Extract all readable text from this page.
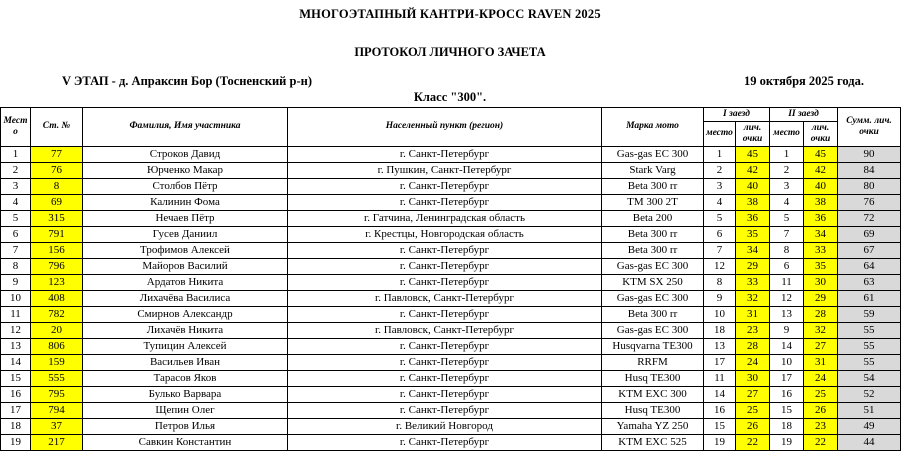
МНОГОЭТАПНЫЙ КАНТРИ-КРОСС RAVEN 2025
ПРОТОКОЛ ЛИЧНОГО ЗАЧЕТА
V ЭТАП - д. Апраксин Бор (Тосненский р-н)	19 октября 2025 года.
Класс "300".
Место	Ст. №	Фамилия, Имя участника	Населенный пункт (регион)	Марка мото	I заезд		II заезд		Сумм. лич. очки
					место	лич. очки	место	лич. очки	
1	77	Строков Давид	г. Санкт-Петербург	Gas-gas EC 300	1	45	1	45	90
2	76	Юрченко Макар	г. Пушкин, Санкт-Петербург	Stark Varg	2	42	2	42	84
3	8	Столбов Пётр	г. Санкт-Петербург	Beta 300 rr	3	40	3	40	80
4	69	Калинин Фома	г. Санкт-Петербург	TM 300 2T	4	38	4	38	76
5	315	Нечаев Пётр	г. Гатчина, Ленинградская область	Beta 200	5	36	5	36	72
6	791	Гусев Даниил	г. Крестцы, Новгородская область	Beta 300 rr	6	35	7	34	69
7	156	Трофимов Алексей	г. Санкт-Петербург	Beta 300 rr	7	34	8	33	67
8	796	Майоров Василий	г. Санкт-Петербург	Gas-gas EC 300	12	29	6	35	64
9	123	Ардатов Никита	г. Санкт-Петербург	KTM SX 250	8	33	11	30	63
10	408	Лихачёва Василиса	г. Павловск, Санкт-Петербург	Gas-gas EC 300	9	32	12	29	61
11	782	Смирнов Александр	г. Санкт-Петербург	Beta 300 rr	10	31	13	28	59
12	20	Лихачёв Никита	г. Павловск, Санкт-Петербург	Gas-gas EC 300	18	23	9	32	55
13	806	Тупицин Алексей	г. Санкт-Петербург	Husqvarna TE300	13	28	14	27	55
14	159	Васильев Иван	г. Санкт-Петербург	RRFM	17	24	10	31	55
15	555	Тарасов Яков	г. Санкт-Петербург	Husq TE300	11	30	17	24	54
16	795	Булько Варвара	г. Санкт-Петербург	KTM EXC 300	14	27	16	25	52
17	794	Щепин Олег	г. Санкт-Петербург	Husq TE300	16	25	15	26	51
18	37	Петров Илья	г. Великий Новгород	Yamaha YZ 250	15	26	18	23	49
19	217	Савкин Константин	г. Санкт-Петербург	KTM EXC 525	19	22	19	22	44
